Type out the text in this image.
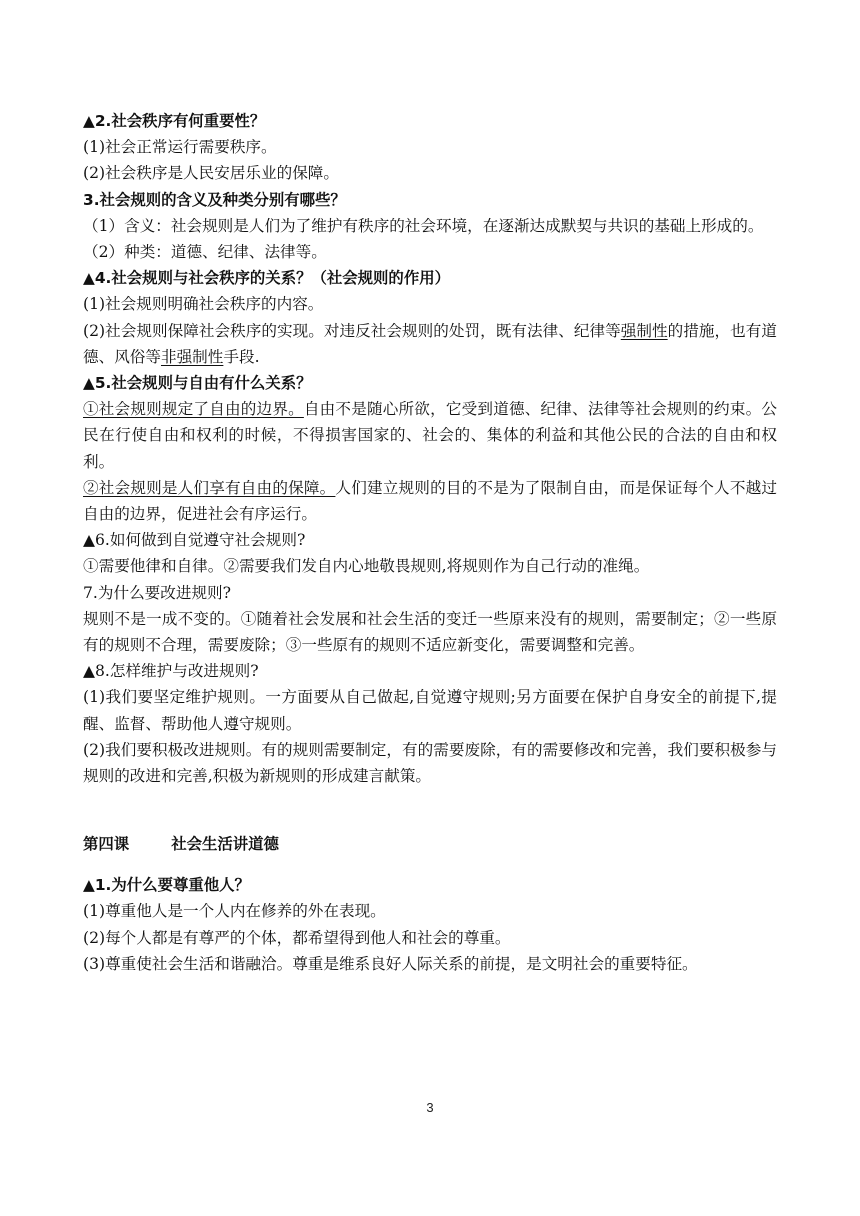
▲2.社会秩序有何重要性？

(1)社会正常运行需要秩序。

(2)社会秩序是人民安居乐业的保障。

3.社会规则的含义及种类分别有哪些？

（1）含义：社会规则是人们为了维护有秩序的社会环境，在逐渐达成默契与共识的基础上形成的。

（2）种类：道德、纪律、法律等。

▲4.社会规则与社会秩序的关系？（社会规则的作用）

(1)社会规则明确社会秩序的内容。

(2)社会规则保障社会秩序的实现。对违反社会规则的处罚，既有法律、纪律等强制性的措施，也有道德、风俗等非强制性手段.

▲5.社会规则与自由有什么关系？

①社会规则规定了自由的边界。自由不是随心所欲，它受到道德、纪律、法律等社会规则的约束。公民在行使自由和权利的时候，不得损害国家的、社会的、集体的利益和其他公民的合法的自由和权利。

②社会规则是人们享有自由的保障。人们建立规则的目的不是为了限制自由，而是保证每个人不越过自由的边界，促进社会有序运行。

▲6.如何做到自觉遵守社会规则?

①需要他律和自律。②需要我们发自内心地敬畏规则,将规则作为自己行动的准绳。

7.为什么要改进规则?

规则不是一成不变的。①随着社会发展和社会生活的变迁一些原来没有的规则，需要制定；②一些原有的规则不合理，需要废除；③一些原有的规则不适应新变化，需要调整和完善。

▲8.怎样维护与改进规则?

(1)我们要坚定维护规则。一方面要从自己做起,自觉遵守规则;另方面要在保护自身安全的前提下,提醒、监督、帮助他人遵守规则。

(2)我们要积极改进规则。有的规则需要制定，有的需要废除，有的需要修改和完善，我们要积极参与规则的改进和完善,积极为新规则的形成建言献策。

第四课	社会生活讲道德

▲1.为什么要尊重他人？

(1)尊重他人是一个人内在修养的外在表现。

(2)每个人都是有尊严的个体，都希望得到他人和社会的尊重。

(3)尊重使社会生活和谐融洽。尊重是维系良好人际关系的前提，是文明社会的重要特征。

3
